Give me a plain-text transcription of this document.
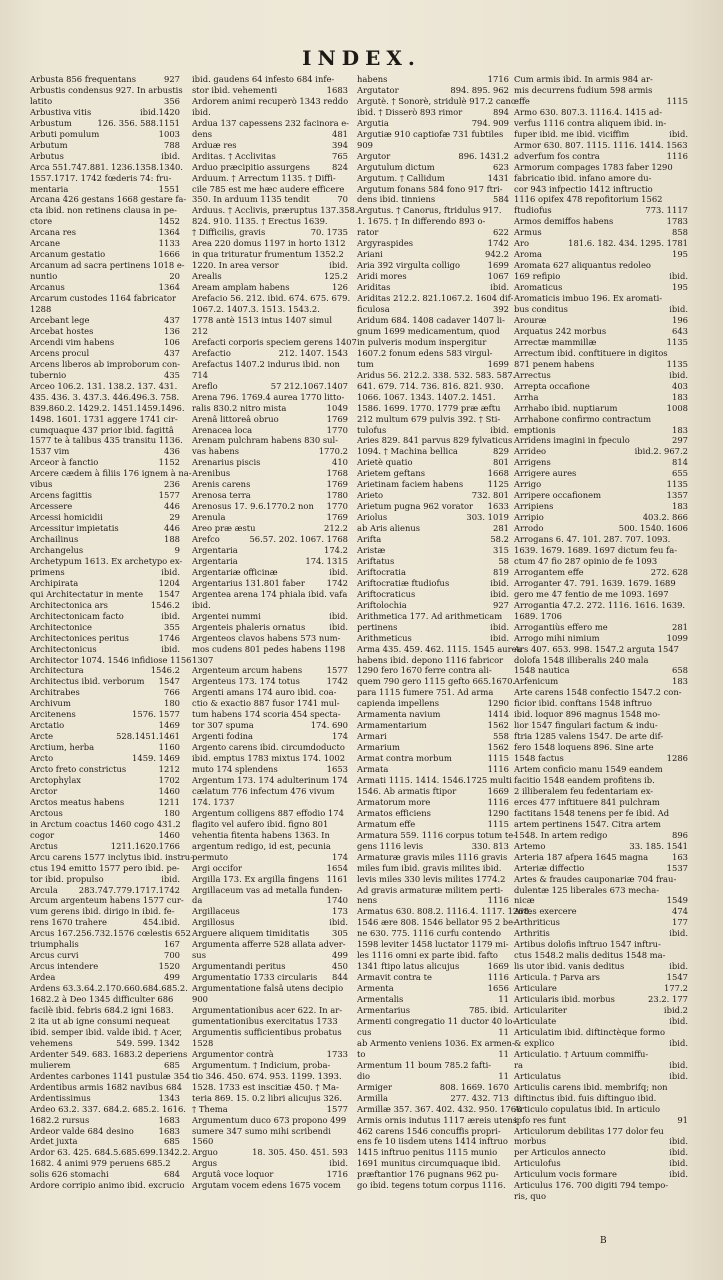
INDEX.
Arbusta 856 frequentans	927
Arbustis condensus 927. In arbustis
latito	356
Arbustiva vitis	ibid.1420
Arbustum	126. 356. 588.1151
Arbuti pomulum	1003
Arbutum	788
Arbutus	ibid.
Arca 551.747.881. 1236.1358.1340.
1557.1717. 1742 fœderis 74: fru-
mentaria	1551
Arcana 426 gestans 1668 gestare fa-
cta ibid. non retinens clausa in pe-
ctore	1452
Arcana res	1364
Arcane	1133
Arcanum gestatio	1666
Arcanum ad sacra pertinens 1018 e-
nuntio	20
Arcanus	1364
Arcarum custodes 1164 fabricator
1288
Arcebant lege	437
Arcebat hostes	136
Arcendi vim habens	106
Arcens procul	437
Arcens liberos ab improborum con-
tubernio	435
Arceo 106.2. 131. 138.2. 137. 431.
435. 436. 3. 437.3. 446.496.3. 758.
839.860.2. 1429.2. 1451.1459.1496.
1498. 1601. 1731 aggere 1741 cir-
cumquaque 437 prior ibid. fagittâ
1577 te à talibus 435 transitu 1136.
1537 vim	436
Arceor à fanctio	1152
Arcere cædem à filiis 176 ignem à na-
vibus	236
Arcens fagittis	1577
Arcessere	446
Arcessi homicidii	29
Arcessitur impietatis	446
Archailinus	188
Archangelus	9
Archetypum 1613. Ex archetypo ex-
primens	ibid.
Archipirata	1204
qui Architectatur in mente	1547
Architectonica ars	1546.2
Architectonicam facto	ibid.
Architectonice	355
Architectonices peritus	1746
Architectonicus	ibid.
Architector 1074. 1546 infidiose 1156
Architectura	1546.2
Architectus ibid. verborum	1547
Architrabes	766
Archivum	180
Arcitenens	1576. 1577
Arctatio	1469
Arcte	528.1451.1461
Arctium, herba	1160
Arcto	1459. 1469
Arcto freto constrictus	1212
Arctophylax	1702
Arctor	1460
Arctos meatus habens	1211
Arctous	180
in Arctum coactus 1460 cogo 431.2
cogor	1460
Arctus	1211.1620.1766
Arcu carens 1577 inclytus ibid. instru-
ctus 194 emitto 1577 pero ibid. pe-
tor ibid. propulso	ibid.
Arcula	283.747.779.1717.1742
Arcum argenteum habens 1577 cur-
vum gerens ibid. dirigo in ibid. fe-
rens 1670 trahere	454.ibid.
Arcus 167.256.732.1576 cœlestis 652
triumphalis	167
Arcus curvi	700
Arcus intendere	1520
Ardea	499
Ardens 63.3.64.2.170.660.684.685.2.
1682.2 à Deo 1345 difficulter 686
facilè ibid. febris 684.2 igni 1683.
2 ita ut ab igne consumi nequeat
ibid. semper ibid. valde ibid. † Acer,
vehemens	549. 599. 1342
Ardenter 549. 683. 1683.2 deperiens
mulierem	685
Ardentes carbones 1141 pustulæ 354
Ardentibus armis 1682 navibus 684
Ardentissimus	1343
Ardeo 63.2. 337. 684.2. 685.2. 1616.
1682.2 rursus	1683
Ardeor valde 684 desino	1683
Ardet juxta	685
Ardor 63. 425. 684.5.685.699.1342.2.
1682. 4 animi 979 peruens 685.2
solis 626 stomachi	684
Ardore corripio animo ibid. excrucio
ibid. gaudens 64 infesto 684 infe-
stor ibid. vehementi	1683
Ardorem animi recuperò 1343 reddo
ibid.
Ardua 137 capessens 232 facinora e-
dens	481
Arduæ res	394
Arditas. † Acclivitas	765
Arduo præcipitio assurgens	824
Arduum. † Arrectum 1135. † Diffi-
cile 785 est me hæc audere efficere
350. In arduum 1135 tendit	70
Arduus. † Acclivis, præruptus 137.358.
824. 910. 1135. † Erectus 1639.
† Difficilis, gravis	70. 1735
Area 220 domus 1197 in horto 1312
in qua trituratur frumentum 1352.2
1220. In area versor	ibid.
Arealis	125.2
Aream amplam habens	126
Arefacio 56. 212. ibid. 674. 675. 679.
1067.2. 1407.3. 1513. 1543.2.
1778 antè 1513 intus 1407 simul
212
Arefacti corporis speciem gerens 1407
Arefactio	212. 1407. 1543
Arefactus 1407.2 indurus ibid. non
714
Areflo	57 212.1067.1407
Arena 796. 1769.4 aurea 1770 litto-
ralis 830.2 nitro mista	1049
Arenâ littoreâ obruo	1769
Arenacea loca	1770
Arenam pulchram habens 830 sul-
vas habens	1770.2
Arenarius piscis	410
Arenibus	1768
Arenis carens	1769
Arenosa terra	1780
Arenosus 17. 9.6.1770.2 non	1770
Arenula	1769
Areo præ æstu	212.2
Arefco	56.57. 202. 1067. 1768
Argentaria	174.2
Argentaria	174. 1315
Argentariæ officinæ	ibid.
Argentarius 131.801 faber	1742
Argentea arena 174 phiala ibid. vafa
ibid.
Argentei nummi	ibid.
Argenteis phaleris ornatus	ibid.
Argenteos clavos habens 573 num-
mos cudens 801 pedes habens 1198
1307
Argenteum arcum habens	1577
Argenteus 173. 174 totus	1742
Argenti amans 174 auro ibid. coa-
ctio & exactio 887 fusor 1741 mul-
tum habens 174 scoria 454 specta-
tor 307 spuma	174. 690
Argenti fodina	174
Argento carens ibid. circumdoducto
ibid. emptus 1783 mixtus 174. 1002
muto 174 splendens	1653
Argentum 173. 174 adulterinum 174
cælatum 776 infectum 476 vivum
174. 1737
Argentum colligens 887 effodio 174
flagito vel aufero ibid. figno 801
vehentia fitenta habens 1363. In
argentum redigo, id est, pecunia
permuto	174
Argi occifor	1654
Argilla 173. Ex argilla fingens 1161
Argillaceum vas ad metalla funden-
da	1740
Argillaceus	173
Argillosus	ibid.
Arguere aliquem timiditatis	305
Argumenta afferre 528 allata adver-
sus	499
Argumentandi peritus	450
Argumentatio 1733 circularis	844
Argumentatione falsâ utens decipio
900
Argumentationibus acer 622. In ar-
gumentationibus exercitatus 1733
Argumentis sufficientibus probatus
1528
Argumentor contrà	1733
Argumentum. † Indicium, proba-
tio 346. 450. 674. 953. 1199. 1393.
1528. 1733 est inscitiæ 450. † Ma-
teria 869. 15. 0.2 libri alicujus 326.
† Thema	1577
Argumentum duco 673 propono 499
sumere 347 sumo mihi scribendi
1560
Arguo	18. 305. 450. 451. 593
Argus	ibid.
Argutâ voce loquor	1716
Argutam vocem edens 1675 vocem
habens	1716
Argutator	894. 895. 962
Argutè. † Sonorè, stridulè 917.2 cano
ibid. † Disserò 893 rimor	894
Argutia	794. 909
Argutiæ 910 captiofæ 731 fubtiles
909
Argutor	896. 1431.2
Argutulum dictum	623
Argutum. † Callidum	1431
Argutum fonans 584 fono 917 ftri-
dens ibid. tinniens	584
Argutus. † Canorus, ftridulus 917.
1. 1675. † In differendo 893 o-
rator	622
Argyraspides	1742
Ariani	942.2
Aria 392 virgulta colligo	1699
Aridi mores	1067
Ariditas	ibid.
Ariditas 212.2. 821.1067.2. 1604 dif-
ficulosa	392
Aridum 684. 1408 cadaver 1407 li-
gnum 1699 medicamentum, quod
in pulveris modum inspergitur
1607.2 fonum edens 583 virgul-
tum	1699
Aridus 56. 212.2. 338. 532. 583. 587.
641. 679. 714. 736. 816. 821. 930.
1066. 1067. 1343. 1407.2. 1451.
1586. 1699. 1770. 1779 præ æftu
212 multum 679 pulvis 392. † Sti-
tulofus	ibid.
Aries 829. 841 parvus 829 fylvaticus
1094. † Machina bellica	829
Arietè quatio	801
Arietem geftans	1668
Arietinam faciem habens	1125
Arieto	732. 801
Arietum pugna 962 vorator	1633
Ariolus	303. 1019
ab Aris alienus	281
Arifta	58.2
Aristæ	315
Ariftatus	58
Ariftocratia	819
Ariftocratiæ ftudiofus	ibid.
Ariftocraticus	ibid.
Ariftolochia	927
Arithmetica 177. Ad arithmeticam
pertinens	ibid.
Arithmeticus	ibid.
Arma 435. 459. 462. 1115. 1545 aurea
habens ibid. depono 1116 fabricor
1290 fero 1670 ferre contra ali-
quem 790 gero 1115 gefto 665.1670.
para 1115 fumere 751. Ad arma
capienda impellens	1290
Armamenta navium	1414
Armamentarium	1562
Armari	558
Armarium	1562
Armat contra morbum	1115
Armata	1116
Armati 1115. 1414. 1546.1725 multi
1546. Ab armatis ftipor	1669
Armatorum more	1116
Armatos efficiens	1290
Armatum effe	1115
Armatura 559. 1116 corpus totum te-
gens 1116 levis	330. 813
Armaturæ gravis miles 1116 gravis
miles fum ibid. gravis milites ibid.
levis miles 330 levis milites 1774.2
Ad gravis armaturæ militem perti-
nens	1116
Armatus 630. 808.2. 1116.4. 1117. 1268.
1546 ære 808. 1546 bellator 95 2 be-
ne 630. 775. 1116 curfu contendo
1598 leviter 1458 luctator 1179 mi-
les 1116 omni ex parte ibid. fafto
1341 ftipo latus alicujus	1669
Armavit contra te	1116
Armenta	1656
Armentalis	11
Armentarius	785. ibid.
Armenti congregatio 11 ductor 40 lo-
cus	11
ab Armento veniens 1036. Ex armen-
to	11
Armentum 11 boum 785.2 fafti-
dio	11
Armiger	808. 1669. 1670
Armilla	277. 432. 713
Armillæ 357. 367. 402. 432. 950. 1768
Armis ornis indutus 1117 æreis utens
462 carens 1546 concuffis propri-
ens fe 10 iisdem utens 1414 inftruo
1415 inftruo penitus 1115 munio
1691 munitus circumquaque ibid.
præftantior 176 pugnans 962 pu-
go ibid. tegens totum corpus 1116.
Cum armis ibid. In armis 984 ar-
mis decurrens fudium 598 armis
effe	1115
Armo 630. 807.3. 1116.4. 1415 ad-
verfus 1116 contra aliquem ibid. in-
fuper ibid. me ibid. viciffim	ibid.
Armor 630. 807. 1115. 1116. 1414. 1563
adverfum fos contra	1116
Armorum compages 1783 faber 1290
fabricatio ibid. infano amore du-
cor 943 infpectio 1412 inftructio
1116 opifex 478 repofitorium 1562
ftudiofus	773. 1117
Armos demiffos habens	1783
Armus	858
Aro	181.6. 182. 434. 1295. 1781
Aroma	195
Aromata 627 aliquantus redoleo
169 refipio	ibid.
Aromaticus	195
Aromaticis imbuo 196. Ex aromati-
bus conditus	ibid.
Arouræ	196
Arquatus 242 morbus	643
Arrectæ mammillæ	1135
Arrectum ibid. conftituere in digitos
871 penem habens	1135
Arrectus	ibid.
Arrepta occafione	403
Arrha	183
Arrhabo ibid. nuptiarum	1008
Arrhabone confirmo contractum
emptionis	183
Arridens imagini in fpeculo	297
Arrideo	ibid.2. 967.2
Arrigens	814
Arrigere aures	655
Arrigo	1135
Arripere occafionem	1357
Arripiens	183
Arripio	403.2. 866
Arrodo	500. 1540. 1606
Arrogans 6. 47. 101. 287. 707. 1093.
1639. 1679. 1689. 1697 dictum feu fa-
ctum 47 fio 287 opinio de fe 1093
Arrogantem effe	272. 628
Arroganter 47. 791. 1639. 1679. 1689
gero me 47 fentio de me 1093. 1697
Arrogantia 47.2. 272. 1116. 1616. 1639.
1689. 1706
Arrogantiùs effero me	281
Arrogo mihi nimium	1099
Ars 407. 653. 998. 1547.2 arguta 1547
dolofa 1548 illiberalis 240 mala
1548 nautica	658
Arfenicum	183
Arte carens 1548 confectio 1547.2 con-
ficior ibid. conftans 1548 inftruo
ibid. loquor 896 magnus 1548 mo-
lior 1547 fingulari factum & indu-
ftria 1285 valens 1547. De arte dif-
fero 1548 loquens 896. Sine arte
1548 factus	1286
Artem conficio manu 1549 eandem
facitio 1548 eandem profitens ib.
2 illiberalem feu fedentariam ex-
erces 477 inftituere 841 pulchram
factitans 1548 tenens per fe ibid. Ad
artem pertinens 1547. Citra artem
1548. In artem redigo	896
Artemo	33. 185. 1541
Arteria 187 afpera 1645 magna	163
Arteriæ diffectio	1537
Artes & fraudes cauponariæ 704 frau-
dulentæ 125 liberales 673 mecha-
nicæ	1549
Artes exercere	474
Arthriticus	177
Arthritis	ibid.
Artibus dolofis inftruo 1547 inftru-
ctus 1548.2 malis deditus 1548 ma-
lis utor ibid. vanis deditus	ibid.
Articula. † Parva ars	1547
Articulare	177.2
Articularis ibid. morbus	23.2. 177
Articulariter	ibid.2
Articulate	ibid.
Articulatim ibid. diftinctèque formo
& explico	ibid.
Articulatio. † Artuum commiffu-
ra	ibid.
Articulatus	ibid.
Articulis carens ibid. membrifq; non
diftinctus ibid. fuis diftinguo ibid.
Articulo copulatus ibid. In articulo
ipfo res funt	91
Articulorum debilitas 177 dolor feu
morbus	ibid.
per Articulos annecto	ibid.
Articulofus	ibid.
Articulum vocis formare	ibid.
Articulus 176. 700 digiti 794 tempo-
ris, quo
B
